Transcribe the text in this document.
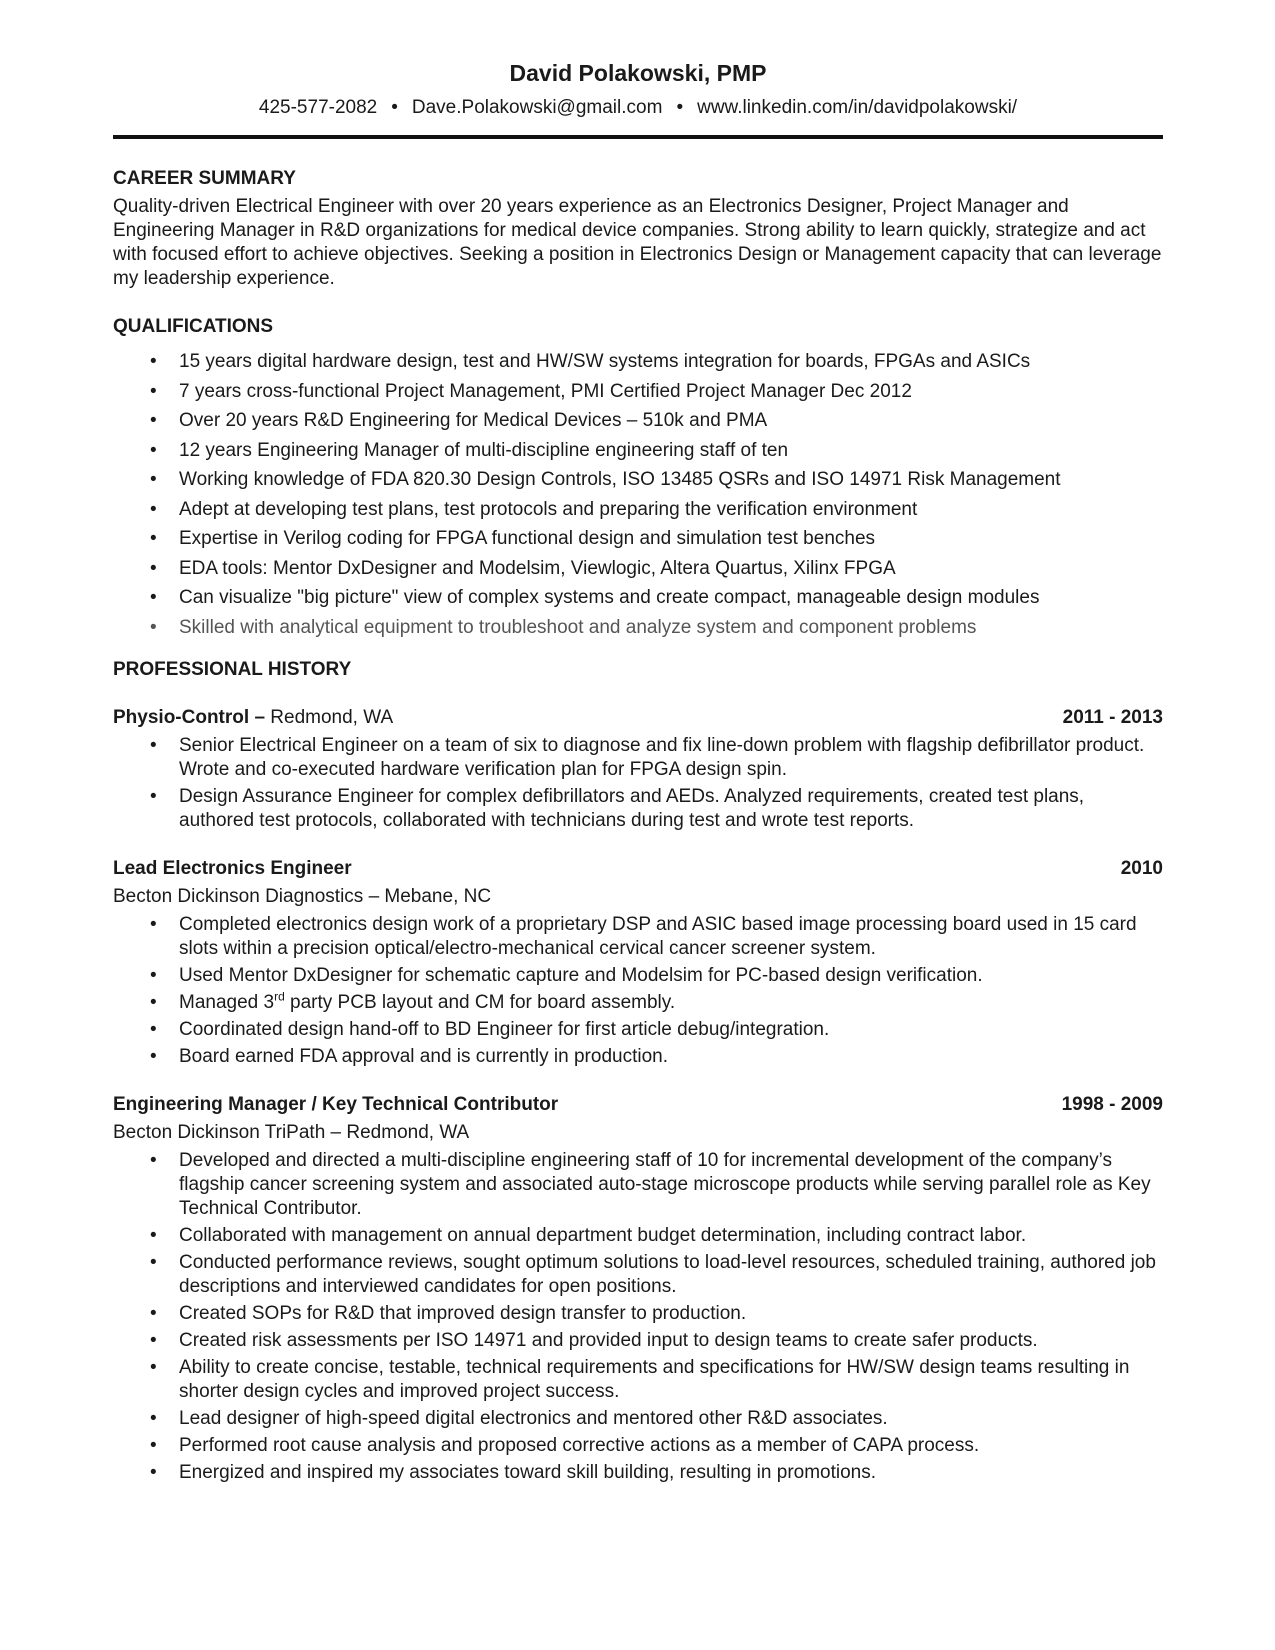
David Polakowski, PMP
425-577-2082 • Dave.Polakowski@gmail.com • www.linkedin.com/in/davidpolakowski/
CAREER SUMMARY

Quality-driven Electrical Engineer with over 20 years experience as an Electronics Designer, Project Manager and Engineering Manager in R&D organizations for medical device companies. Strong ability to learn quickly, strategize and act with focused effort to achieve objectives. Seeking a position in Electronics Design or Management capacity that can leverage my leadership experience.

QUALIFICATIONS
• 15 years digital hardware design, test and HW/SW systems integration for boards, FPGAs and ASICs
• 7 years cross-functional Project Management, PMI Certified Project Manager Dec 2012
• Over 20 years R&D Engineering for Medical Devices – 510k and PMA
• 12 years Engineering Manager of multi-discipline engineering staff of ten
• Working knowledge of FDA 820.30 Design Controls, ISO 13485 QSRs and ISO 14971 Risk Management
• Adept at developing test plans, test protocols and preparing the verification environment
• Expertise in Verilog coding for FPGA functional design and simulation test benches
• EDA tools: Mentor DxDesigner and Modelsim, Viewlogic, Altera Quartus, Xilinx FPGA
• Can visualize "big picture" view of complex systems and create compact, manageable design modules
• Skilled with analytical equipment to troubleshoot and analyze system and component problems
PROFESSIONAL HISTORY
Physio-Control – Redmond, WA	2011 - 2013
• Senior Electrical Engineer on a team of six to diagnose and fix line-down problem with flagship defibrillator product. Wrote and co-executed hardware verification plan for FPGA design spin.
• Design Assurance Engineer for complex defibrillators and AEDs. Analyzed requirements, created test plans, authored test protocols, collaborated with technicians during test and wrote test reports.
Lead Electronics Engineer	2010
Becton Dickinson Diagnostics – Mebane, NC
• Completed electronics design work of a proprietary DSP and ASIC based image processing board used in 15 card slots within a precision optical/electro-mechanical cervical cancer screener system.
• Used Mentor DxDesigner for schematic capture and Modelsim for PC-based design verification.
• Managed 3rd party PCB layout and CM for board assembly.
• Coordinated design hand-off to BD Engineer for first article debug/integration.
• Board earned FDA approval and is currently in production.
Engineering Manager / Key Technical Contributor	1998 - 2009
Becton Dickinson TriPath – Redmond, WA
• Developed and directed a multi-discipline engineering staff of 10 for incremental development of the company’s flagship cancer screening system and associated auto-stage microscope products while serving parallel role as Key Technical Contributor.
• Collaborated with management on annual department budget determination, including contract labor.
• Conducted performance reviews, sought optimum solutions to load-level resources, scheduled training, authored job descriptions and interviewed candidates for open positions.
• Created SOPs for R&D that improved design transfer to production.
• Created risk assessments per ISO 14971 and provided input to design teams to create safer products.
• Ability to create concise, testable, technical requirements and specifications for HW/SW design teams resulting in shorter design cycles and improved project success.
• Lead designer of high-speed digital electronics and mentored other R&D associates.
• Performed root cause analysis and proposed corrective actions as a member of CAPA process.
• Energized and inspired my associates toward skill building, resulting in promotions.
